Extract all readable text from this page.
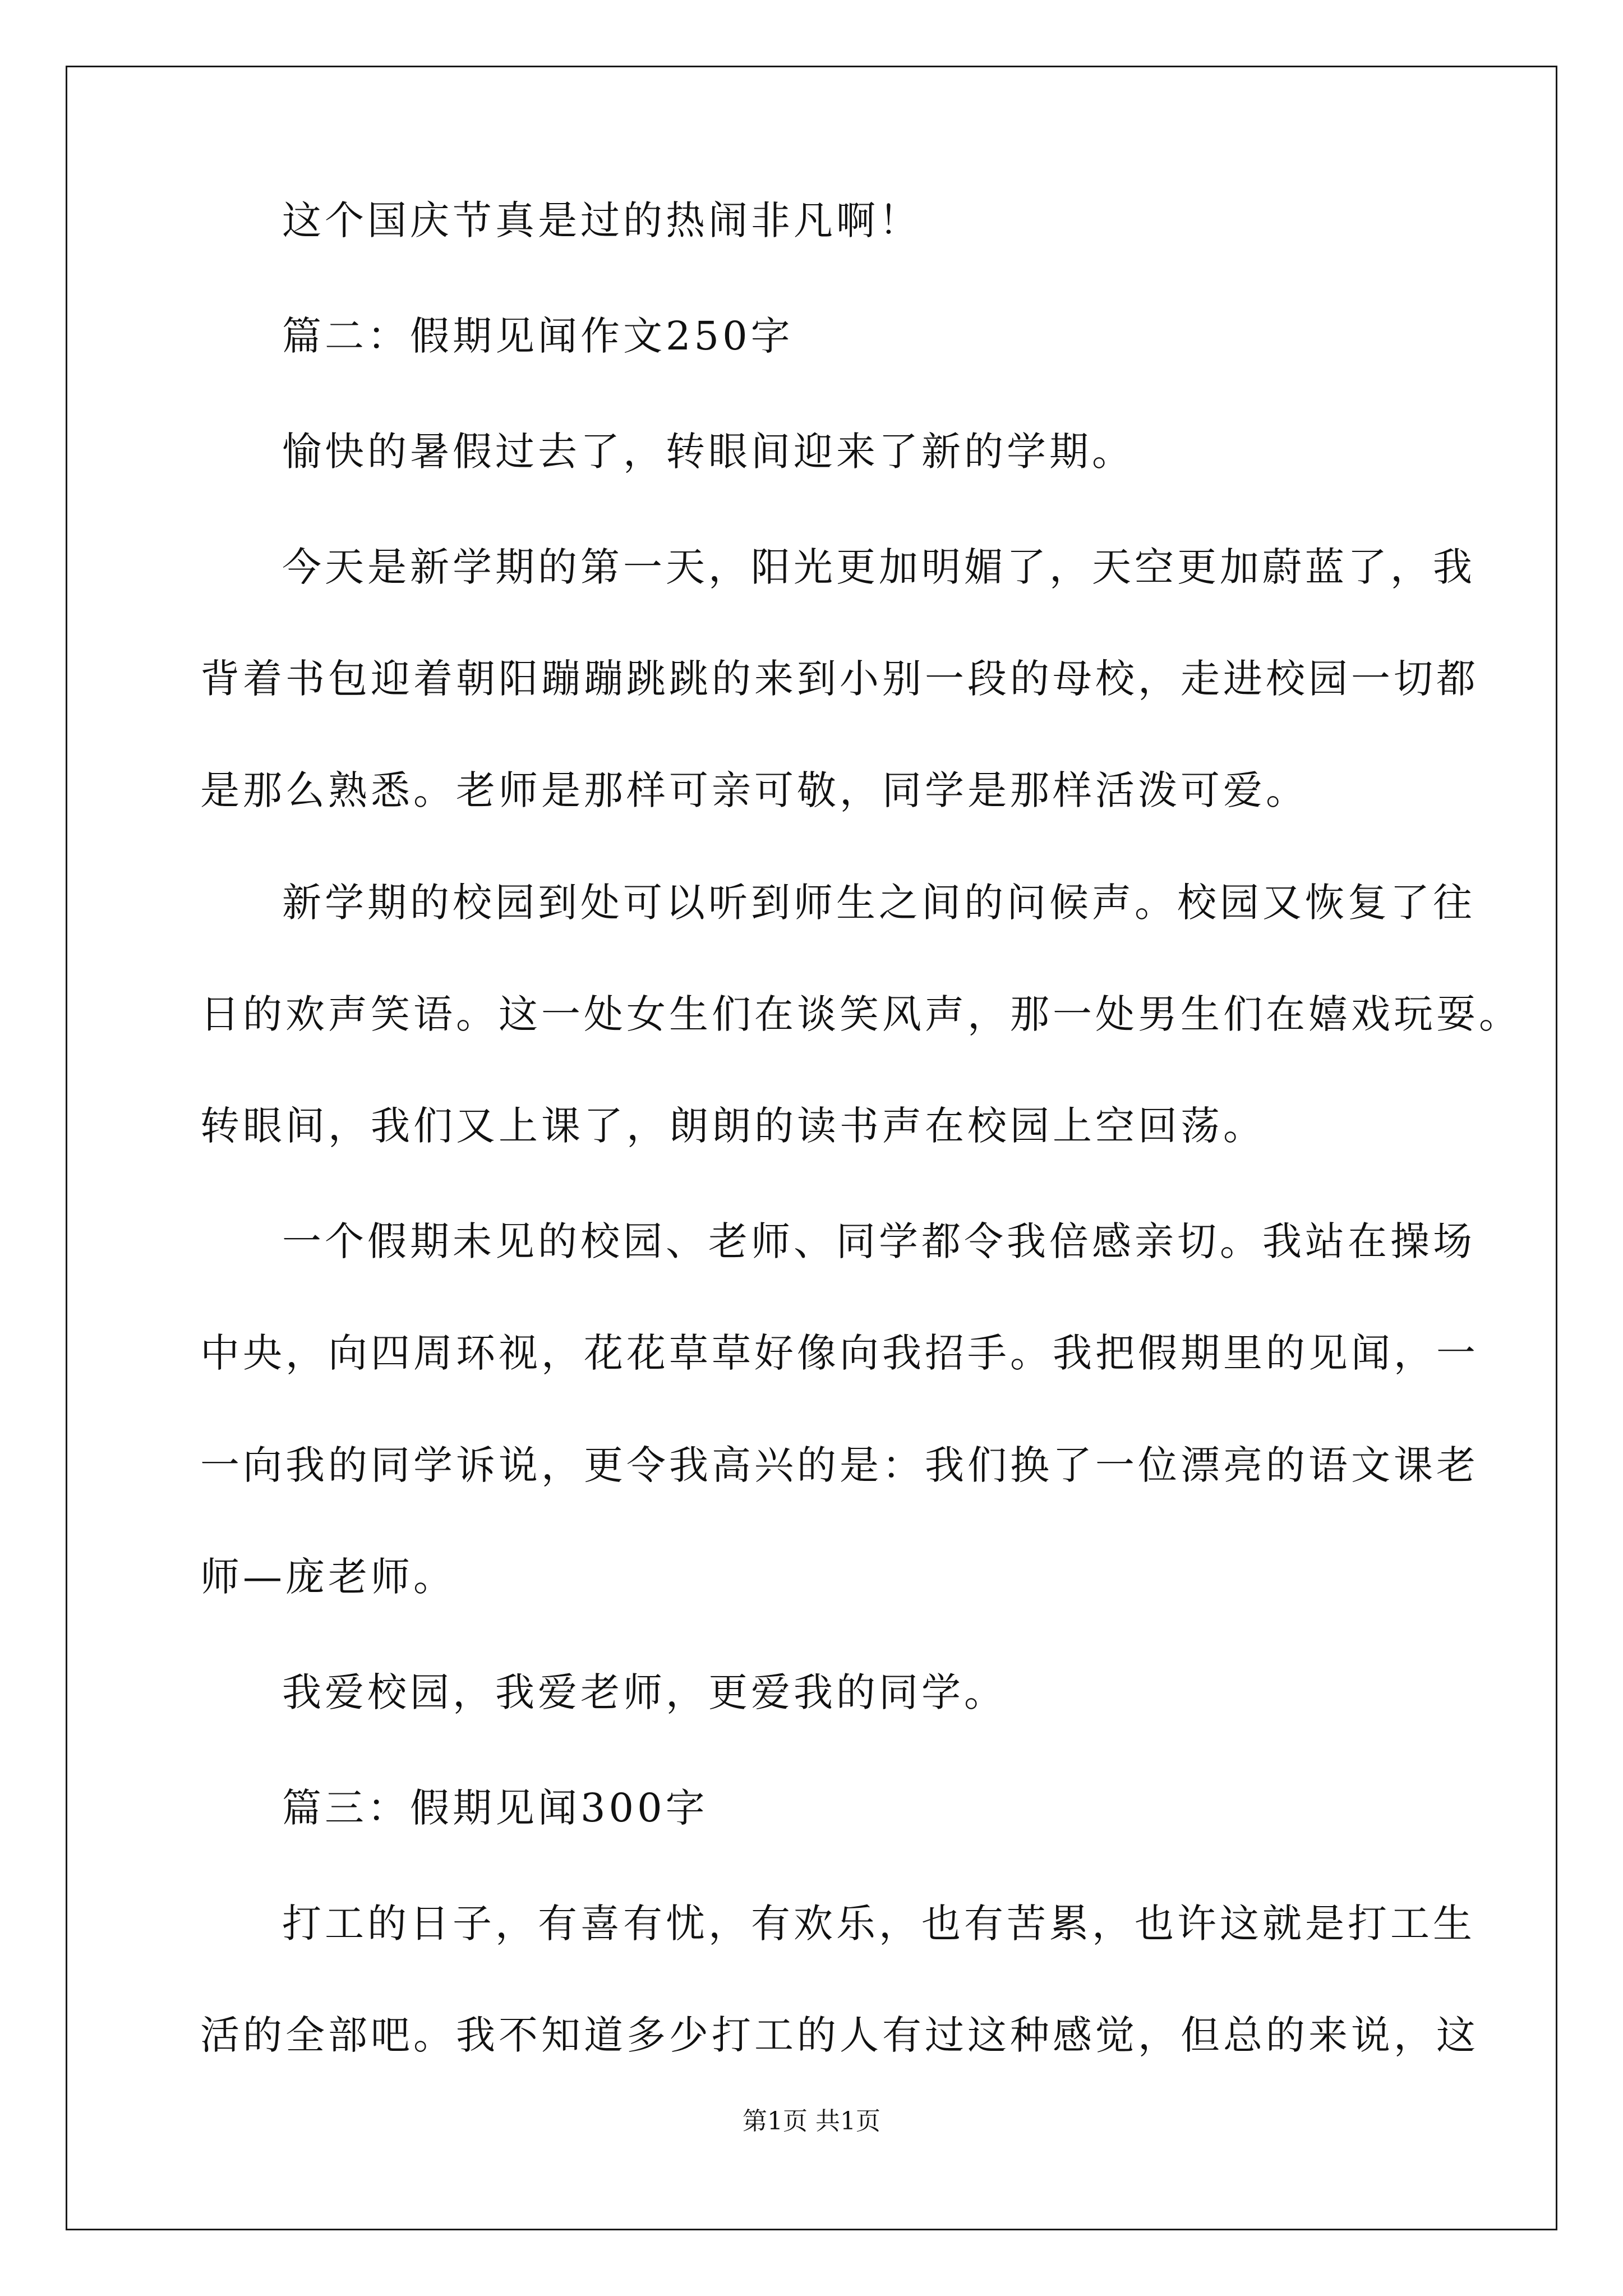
这个国庆节真是过的热闹非凡啊！
篇二：假期见闻作文250字
愉快的暑假过去了，转眼间迎来了新的学期。
今天是新学期的第一天，阳光更加明媚了，天空更加蔚蓝了，我
背着书包迎着朝阳蹦蹦跳跳的来到小别一段的母校，走进校园一切都
是那么熟悉。老师是那样可亲可敬，同学是那样活泼可爱。
新学期的校园到处可以听到师生之间的问候声。校园又恢复了往
日的欢声笑语。这一处女生们在谈笑风声，那一处男生们在嬉戏玩耍。
转眼间，我们又上课了，朗朗的读书声在校园上空回荡。
一个假期未见的校园、老师、同学都令我倍感亲切。我站在操场
中央，向四周环视，花花草草好像向我招手。我把假期里的见闻，一
一向我的同学诉说，更令我高兴的是：我们换了一位漂亮的语文课老
师—庞老师。
我爱校园，我爱老师，更爱我的同学。
篇三：假期见闻300字
打工的日子，有喜有忧，有欢乐，也有苦累，也许这就是打工生
活的全部吧。我不知道多少打工的人有过这种感觉，但总的来说，这
第1页 共1页
